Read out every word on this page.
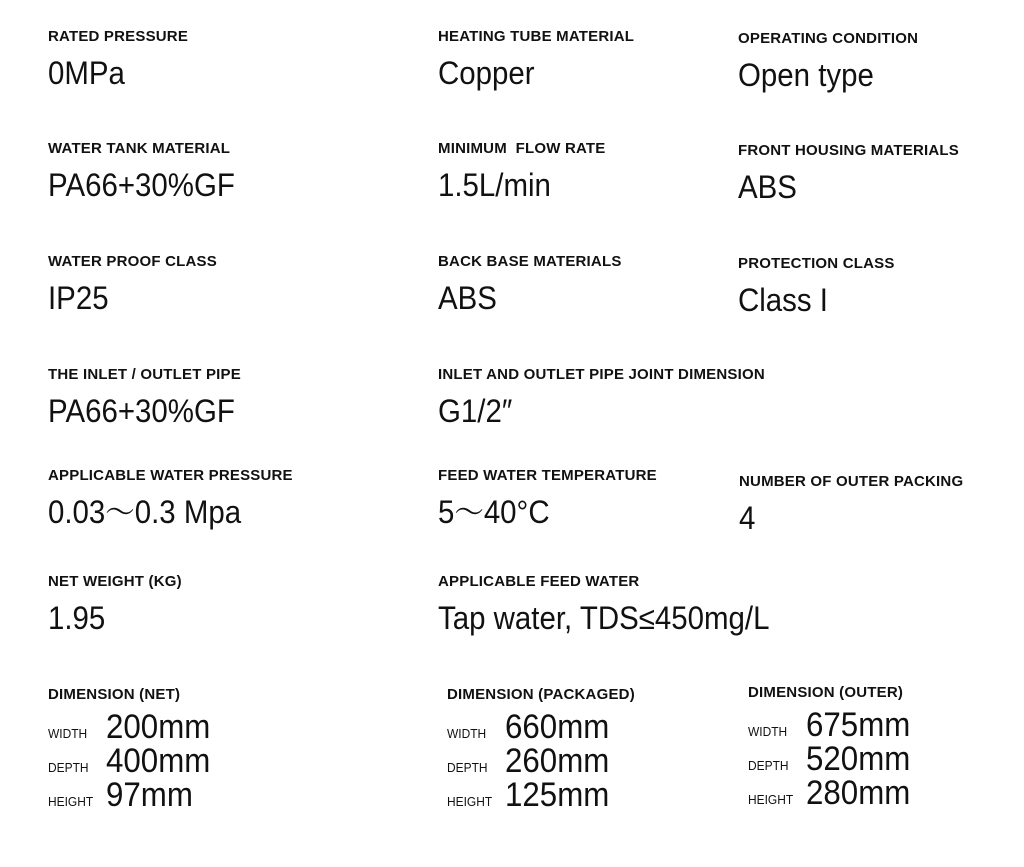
RATED PRESSURE
0MPa
HEATING TUBE MATERIAL
Copper
OPERATING CONDITION
Open type
WATER TANK MATERIAL
PA66+30%GF
MINIMUM  FLOW RATE
1.5L/min
FRONT HOUSING MATERIALS
ABS
WATER PROOF CLASS
IP25
BACK BASE MATERIALS
ABS
PROTECTION CLASS
Class I
THE INLET / OUTLET PIPE
PA66+30%GF
INLET AND OUTLET PIPE JOINT DIMENSION
G1/2″
APPLICABLE WATER PRESSURE
0.03～0.3 Mpa
FEED WATER TEMPERATURE
5～40°C
NUMBER OF OUTER PACKING
4
NET WEIGHT (KG)
1.95
APPLICABLE FEED WATER
Tap water, TDS≤450mg/L
DIMENSION (NET)
WIDTH 200mm
DEPTH 400mm
HEIGHT 97mm
DIMENSION (PACKAGED)
WIDTH 660mm
DEPTH 260mm
HEIGHT 125mm
DIMENSION (OUTER)
WIDTH 675mm
DEPTH 520mm
HEIGHT 280mm
